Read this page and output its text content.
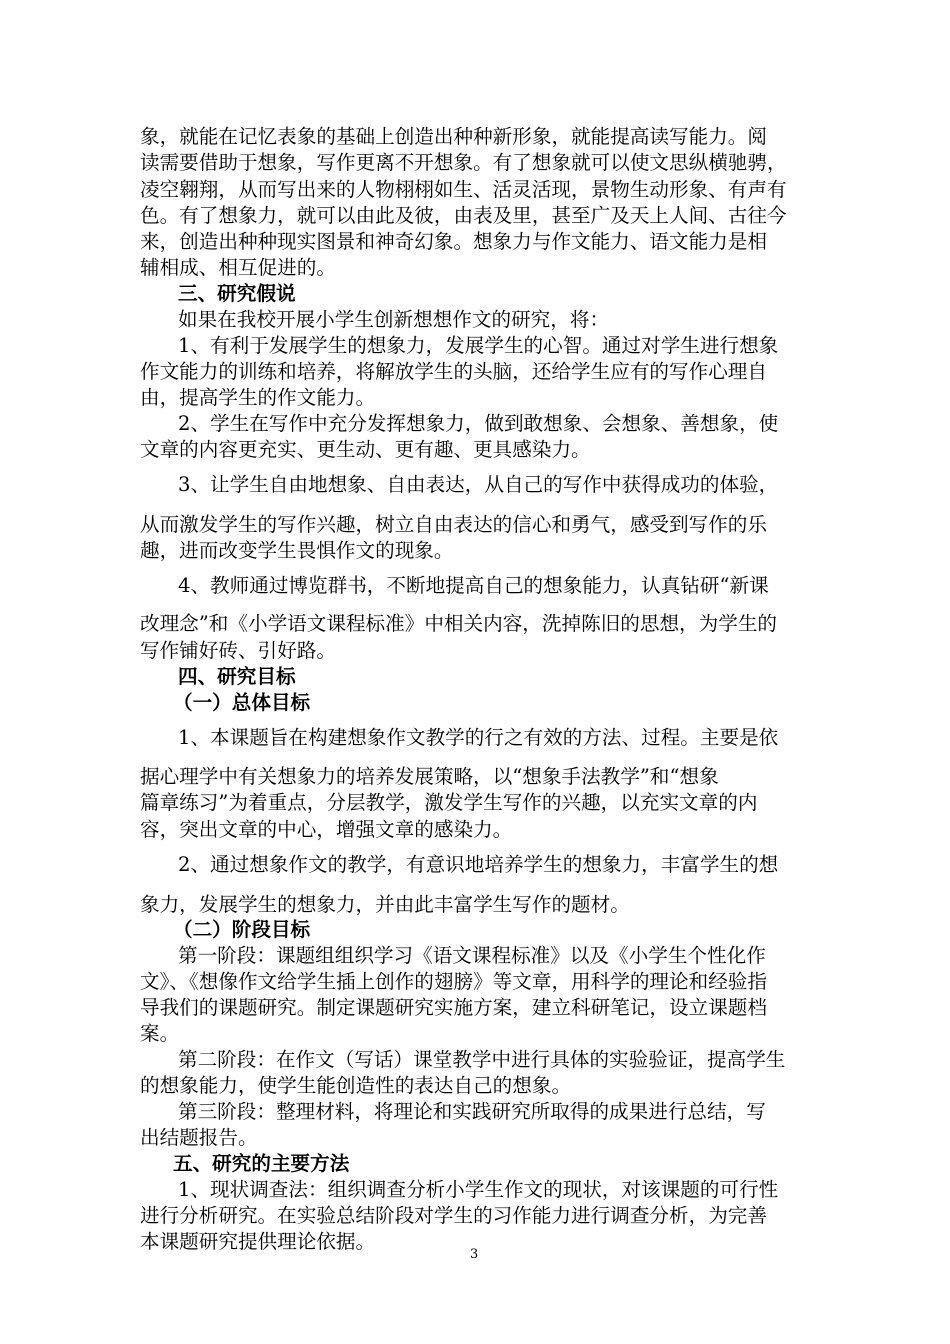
象，就能在记忆表象的基础上创造出种种新形象，就能提高读写能力。阅
读需要借助于想象，写作更离不开想象。有了想象就可以使文思纵横驰骋，
凌空翱翔，从而写出来的人物栩栩如生、活灵活现，景物生动形象、有声有
色。有了想象力，就可以由此及彼，由表及里，甚至广及天上人间、古往今
来，创造出种种现实图景和神奇幻象。想象力与作文能力、语文能力是相
辅相成、相互促进的。
三、研究假说
如果在我校开展小学生创新想想作文的研究，将：
1、有利于发展学生的想象力，发展学生的心智。通过对学生进行想象
作文能力的训练和培养，将解放学生的头脑，还给学生应有的写作心理自
由，提高学生的作文能力。
2、学生在写作中充分发挥想象力，做到敢想象、会想象、善想象，使
文章的内容更充实、更生动、更有趣、更具感染力。
3、让学生自由地想象、自由表达，从自己的写作中获得成功的体验，
从而激发学生的写作兴趣，树立自由表达的信心和勇气，感受到写作的乐
趣，进而改变学生畏惧作文的现象。
4、教师通过博览群书，不断地提高自己的想象能力，认真钻研“新课
改理念”和《小学语文课程标准》中相关内容，洗掉陈旧的思想，为学生的
写作铺好砖、引好路。
四、研究目标
（一）总体目标
1、本课题旨在构建想象作文教学的行之有效的方法、过程。主要是依
据心理学中有关想象力的培养发展策略，以“想象手法教学”和“想象
篇章练习”为着重点，分层教学，激发学生写作的兴趣，以充实文章的内
容，突出文章的中心，增强文章的感染力。
2、通过想象作文的教学，有意识地培养学生的想象力，丰富学生的想
象力，发展学生的想象力，并由此丰富学生写作的题材。
（二）阶段目标
第一阶段：课题组组织学习《语文课程标准》以及《小学生个性化作
文》、《想像作文给学生插上创作的翅膀》等文章，用科学的理论和经验指
导我们的课题研究。制定课题研究实施方案，建立科研笔记，设立课题档
案。
第二阶段：在作文（写话）课堂教学中进行具体的实验验证，提高学生
的想象能力，使学生能创造性的表达自己的想象。
第三阶段：整理材料，将理论和实践研究所取得的成果进行总结，写
出结题报告。
五、研究的主要方法
1、现状调查法：组织调查分析小学生作文的现状，对该课题的可行性
进行分析研究。在实验总结阶段对学生的习作能力进行调查分析，为完善
本课题研究提供理论依据。
3
